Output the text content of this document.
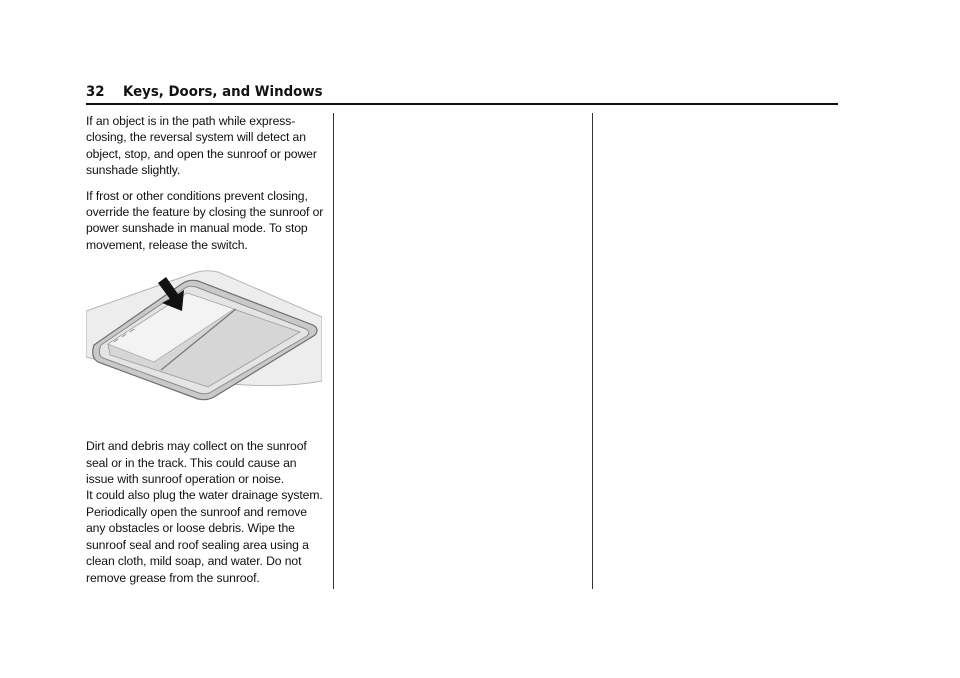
32 Keys, Doors, and Windows

If an object is in the path while express-closing, the reversal system will detect an object, stop, and open the sunroof or power sunshade slightly.

If frost or other conditions prevent closing, override the feature by closing the sunroof or power sunshade in manual mode. To stop movement, release the switch.

Dirt and debris may collect on the sunroof seal or in the track. This could cause an issue with sunroof operation or noise.

It could also plug the water drainage system. Periodically open the sunroof and remove any obstacles or loose debris. Wipe the sunroof seal and roof sealing area using a clean cloth, mild soap, and water. Do not remove grease from the sunroof.
